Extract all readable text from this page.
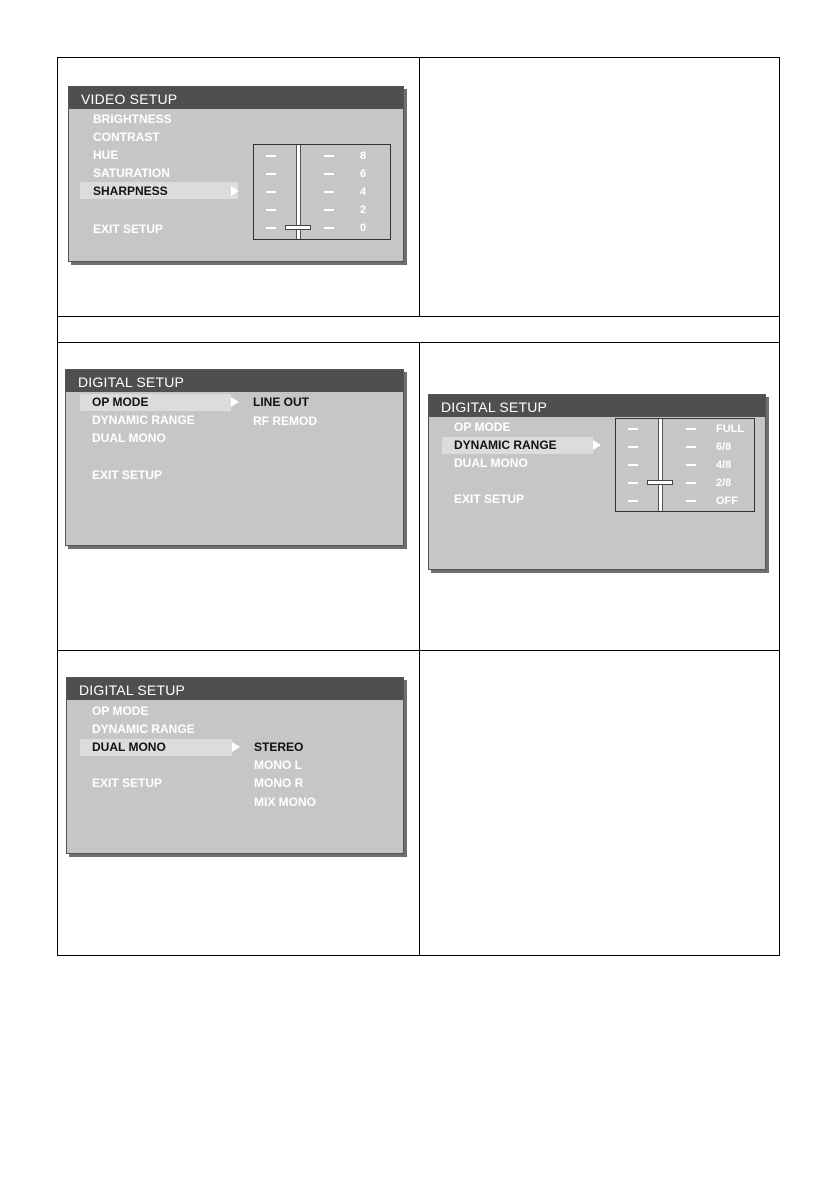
VIDEO SETUP
BRIGHTNESS
CONTRAST
HUE
SATURATION
SHARPNESS
EXIT SETUP
8
6
4
2
0
DIGITAL SETUP
OP MODE
DYNAMIC RANGE
DUAL MONO
LINE OUT
RF REMOD
EXIT SETUP
DIGITAL SETUP
OP MODE
DYNAMIC RANGE
DUAL MONO
EXIT SETUP
FULL
6/8
4/8
2/8
OFF
DIGITAL SETUP
OP MODE
DYNAMIC RANGE
DUAL MONO	STEREO
MONO L
MONO R
MIX MONO
EXIT SETUP
